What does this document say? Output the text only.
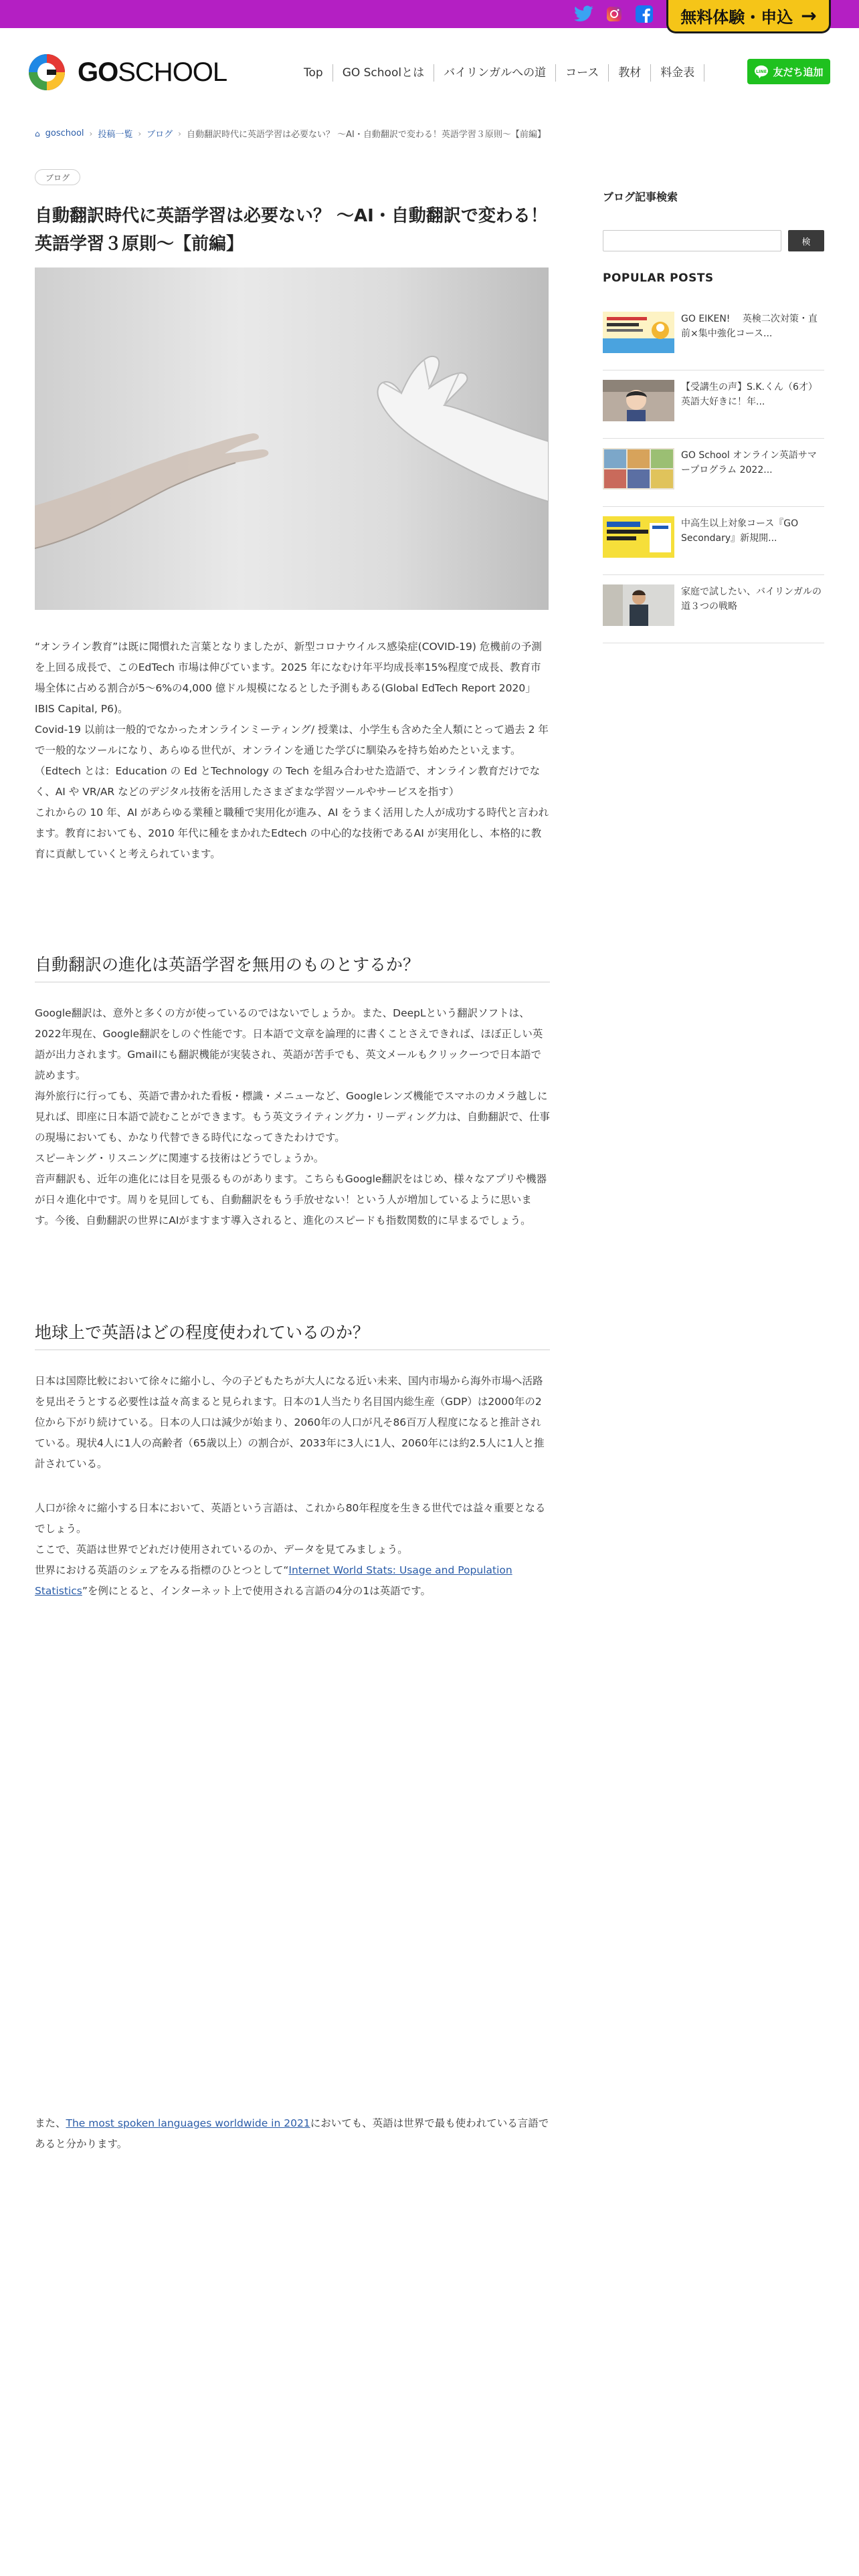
無料体験・申込 →
GOSCHOOL	Top	GO Schoolとは	バイリンガルへの道	コース	教材	料金表	LINE 友だち追加
⌂ goschool › 投稿一覧 › ブログ › 自動翻訳時代に英語学習は必要ない？ 〜AI・自動翻訳で変わる！英語学習３原則〜【前編】
ブログ
自動翻訳時代に英語学習は必要ない？ 〜AI・自動翻訳で変わる！英語学習３原則〜【前編】

“オンライン教育”は既に聞慣れた言葉となりましたが、新型コロナウイルス感染症(COVID-19) 危機前の予測を上回る成長で、このEdTech 市場は伸びています。2025 年になむけ年平均成長率15%程度で成長、教育市場全体に占める割合が5〜6%の4,000 億ドル規模になるとした予測もある(Global EdTech Report 2020」IBIS Capital, P6)。

Covid-19 以前は一般的でなかったオンラインミーティング/ 授業は、小学生も含めた全人類にとって過去 2 年で一般的なツールになり、あらゆる世代が、オンラインを通じた学びに馴染みを持ち始めたといえます。

（Edtech とは：Education の Ed とTechnology の Tech を組み合わせた造語で、オンライン教育だけでなく、AI や VR/AR などのデジタル技術を活用したさまざまな学習ツールやサービスを指す）

これからの 10 年、AI があらゆる業種と職種で実用化が進み、AI をうまく活用した人が成功する時代と言われます。教育においても、2010 年代に種をまかれたEdtech の中心的な技術であるAI が実用化し、本格的に教育に貢献していくと考えられています。

自動翻訳の進化は英語学習を無用のものとするか？

Google翻訳は、意外と多くの方が使っているのではないでしょうか。また、DeepLという翻訳ソフトは、2022年現在、Google翻訳をしのぐ性能です。日本語で文章を論理的に書くことさえできれば、ほぼ正しい英語が出力されます。Gmailにも翻訳機能が実装され、英語が苦手でも、英文メールもクリックーつで日本語で読めます。

海外旅行に行っても、英語で書かれた看板・標識・メニューなど、Googleレンズ機能でスマホのカメラ越しに見れば、即座に日本語で読むことができます。もう英文ライティング力・リーディング力は、自動翻訳で、仕事の現場においても、かなり代替できる時代になってきたわけです。

スピーキング・リスニングに関連する技術はどうでしょうか。

音声翻訳も、近年の進化には目を見張るものがあります。こちらもGoogle翻訳をはじめ、様々なアプリや機器が日々進化中です。周りを見回しても、自動翻訳をもう手放せない！という人が増加しているように思います。今後、自動翻訳の世界にAIがますます導入されると、進化のスピードも指数関数的に早まるでしょう。

地球上で英語はどの程度使われているのか？
日本は国際比較において徐々に縮小し、今の子どもたちが大人になる近い未来、国内市場から海外市場へ活路を見出そうとする必要性は益々高まると見られます。日本の1人当たり名目国内総生産（GDP）は2000年の2位から下がり続けている。日本の人口は減少が始まり、2060年の人口が凡そ86百万人程度になると推計されている。現状4人に1人の高齢者（65歳以上）の割合が、2033年に3人に1人、2060年には約2.5人に1人と推計されている。

人口が徐々に縮小する日本において、英語という言語は、これから80年程度を生きる世代では益々重要となるでしょう。

ここで、英語は世界でどれだけ使用されているのか、データを見てみましょう。

世界における英語のシェアをみる指標のひとつとして“Internet World Stats: Usage and Population Statistics”を例にとると、インターネット上で使用される言語の4分の1は英語です。

また、The most spoken languages worldwide in 2021においても、英語は世界で最も使われている言語であると分かります。
ブログ記事検索
検
POPULAR POSTS
GO EIKEN! 　英検二次対策・直前×集中強化コース...
【受講生の声】S.K.くん（6才）英語大好きに！年...
GO School オンライン英語サマープログラム 2022...
中高生以上対象コース『GO Secondary』新規開...
家庭で試したい、バイリンガルの道３つの戦略
